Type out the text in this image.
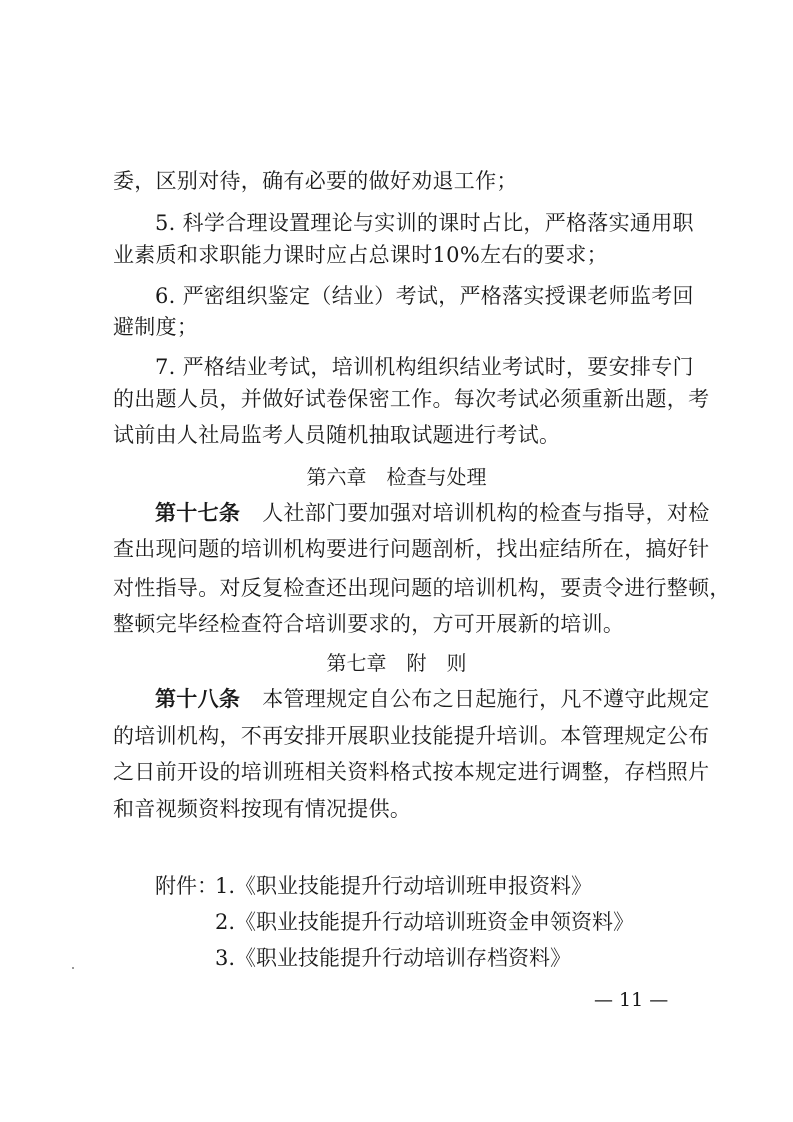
委，区别对待，确有必要的做好劝退工作；
5. 科学合理设置理论与实训的课时占比，严格落实通用职
业素质和求职能力课时应占总课时10%左右的要求；
6. 严密组织鉴定（结业）考试，严格落实授课老师监考回
避制度；
7. 严格结业考试，培训机构组织结业考试时，要安排专门
的出题人员，并做好试卷保密工作。每次考试必须重新出题，考
试前由人社局监考人员随机抽取试题进行考试。
第六章　检查与处理
第十七条 人社部门要加强对培训机构的检查与指导，对检
查出现问题的培训机构要进行问题剖析，找出症结所在，搞好针
对性指导。对反复检查还出现问题的培训机构，要责令进行整顿，
整顿完毕经检查符合培训要求的，方可开展新的培训。
第七章　附　则
第十八条 本管理规定自公布之日起施行，凡不遵守此规定
的培训机构，不再安排开展职业技能提升培训。本管理规定公布
之日前开设的培训班相关资料格式按本规定进行调整，存档照片
和音视频资料按现有情况提供。
附件：
1.《职业技能提升行动培训班申报资料》
2.《职业技能提升行动培训班资金申领资料》
3.《职业技能提升行动培训存档资料》
— 11 —
